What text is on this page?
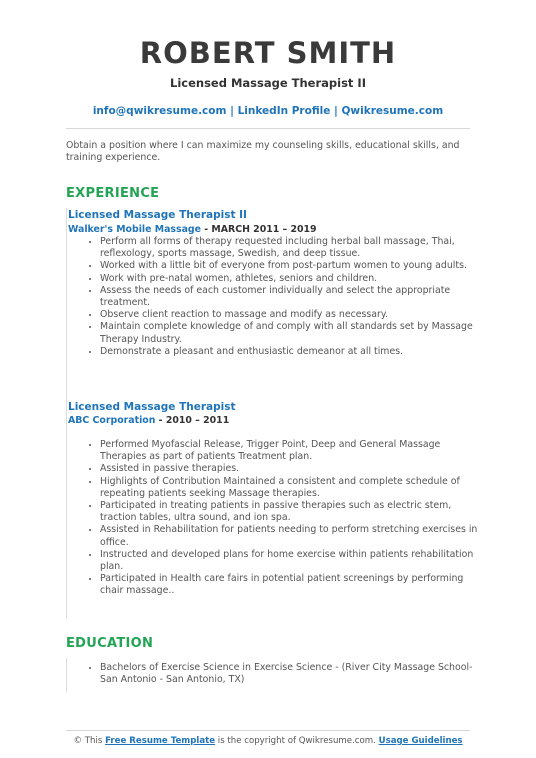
ROBERT SMITH
Licensed Massage Therapist II
info@qwikresume.com | LinkedIn Profile | Qwikresume.com
Obtain a position where I can maximize my counseling skills, educational skills, and training experience.
EXPERIENCE
Licensed Massage Therapist II
Walker's Mobile Massage - MARCH 2011 – 2019
• Perform all forms of therapy requested including herbal ball massage, Thai, reflexology, sports massage, Swedish, and deep tissue.
• Worked with a little bit of everyone from post-partum women to young adults.
• Work with pre-natal women, athletes, seniors and children.
• Assess the needs of each customer individually and select the appropriate treatment.
• Observe client reaction to massage and modify as necessary.
• Maintain complete knowledge of and comply with all standards set by Massage Therapy Industry.
• Demonstrate a pleasant and enthusiastic demeanor at all times.
Licensed Massage Therapist
ABC Corporation - 2010 – 2011
• Performed Myofascial Release, Trigger Point, Deep and General Massage Therapies as part of patients Treatment plan.
• Assisted in passive therapies.
• Highlights of Contribution Maintained a consistent and complete schedule of repeating patients seeking Massage therapies.
• Participated in treating patients in passive therapies such as electric stem, traction tables, ultra sound, and ion spa.
• Assisted in Rehabilitation for patients needing to perform stretching exercises in office.
• Instructed and developed plans for home exercise within patients rehabilitation plan.
• Participated in Health care fairs in potential patient screenings by performing chair massage..
EDUCATION
• Bachelors of Exercise Science in Exercise Science - (River City Massage School-San Antonio - San Antonio, TX)
© This Free Resume Template is the copyright of Qwikresume.com. Usage Guidelines
